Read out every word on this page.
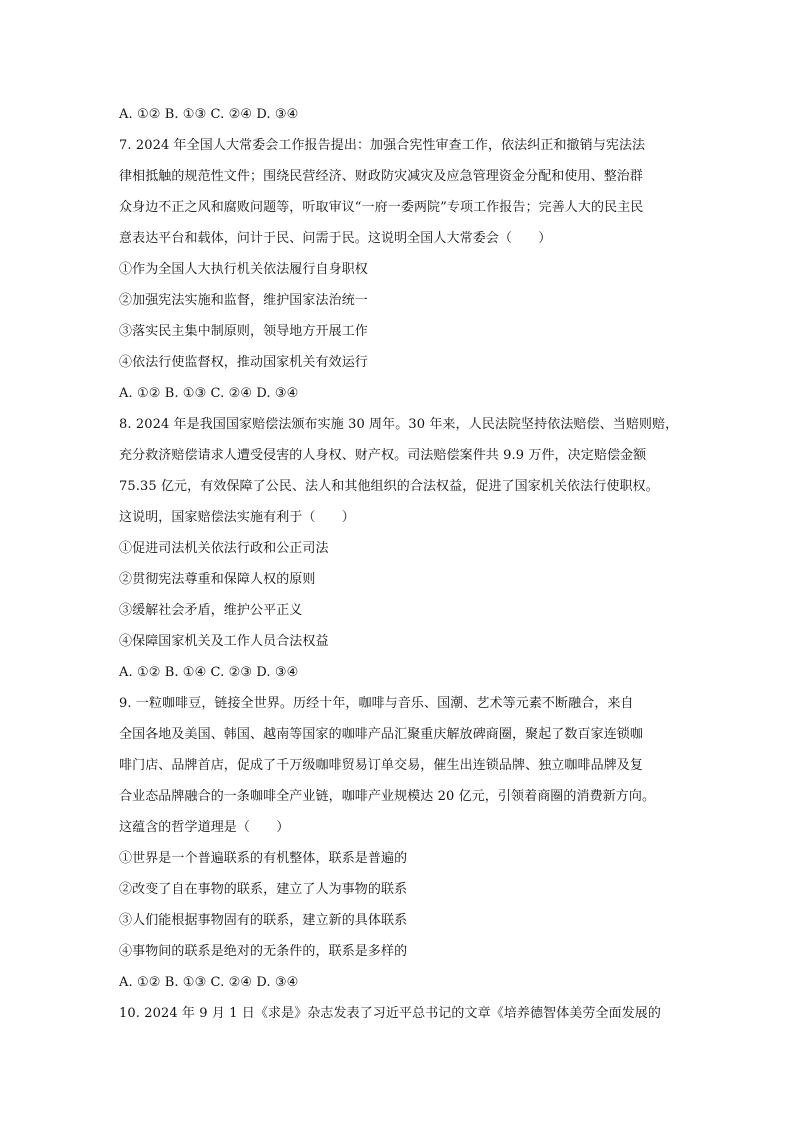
A. ①② B. ①③ C. ②④ D. ③④
7. 2024 年全国人大常委会工作报告提出：加强合宪性审查工作，依法纠正和撤销与宪法法
律相抵触的规范性文件；围绕民营经济、财政防灾减灾及应急管理资金分配和使用、整治群
众身边不正之风和腐败问题等，听取审议“一府一委两院”专项工作报告；完善人大的民主民
意表达平台和载体，问计于民、问需于民。这说明全国人大常委会（　　）
①作为全国人大执行机关依法履行自身职权
②加强宪法实施和监督，维护国家法治统一
③落实民主集中制原则，领导地方开展工作
④依法行使监督权，推动国家机关有效运行
A. ①② B. ①③ C. ②④ D. ③④
8. 2024 年是我国国家赔偿法颁布实施 30 周年。30 年来，人民法院坚持依法赔偿、当赔则赔，
充分救济赔偿请求人遭受侵害的人身权、财产权。司法赔偿案件共 9.9 万件，决定赔偿金额
75.35 亿元，有效保障了公民、法人和其他组织的合法权益，促进了国家机关依法行使职权。
这说明，国家赔偿法实施有利于（　　）
①促进司法机关依法行政和公正司法
②贯彻宪法尊重和保障人权的原则
③缓解社会矛盾，维护公平正义
④保障国家机关及工作人员合法权益
A. ①② B. ①④ C. ②③ D. ③④
9. 一粒咖啡豆，链接全世界。历经十年，咖啡与音乐、国潮、艺术等元素不断融合，来自
全国各地及美国、韩国、越南等国家的咖啡产品汇聚重庆解放碑商圈，聚起了数百家连锁咖
啡门店、品牌首店，促成了千万级咖啡贸易订单交易，催生出连锁品牌、独立咖啡品牌及复
合业态品牌融合的一条咖啡全产业链，咖啡产业规模达 20 亿元，引领着商圈的消费新方向。
这蕴含的哲学道理是（　　）
①世界是一个普遍联系的有机整体，联系是普遍的
②改变了自在事物的联系，建立了人为事物的联系
③人们能根据事物固有的联系，建立新的具体联系
④事物间的联系是绝对的无条件的，联系是多样的
A. ①② B. ①③ C. ②④ D. ③④
10. 2024 年 9 月 1 日《求是》杂志发表了习近平总书记的文章《培养德智体美劳全面发展的
